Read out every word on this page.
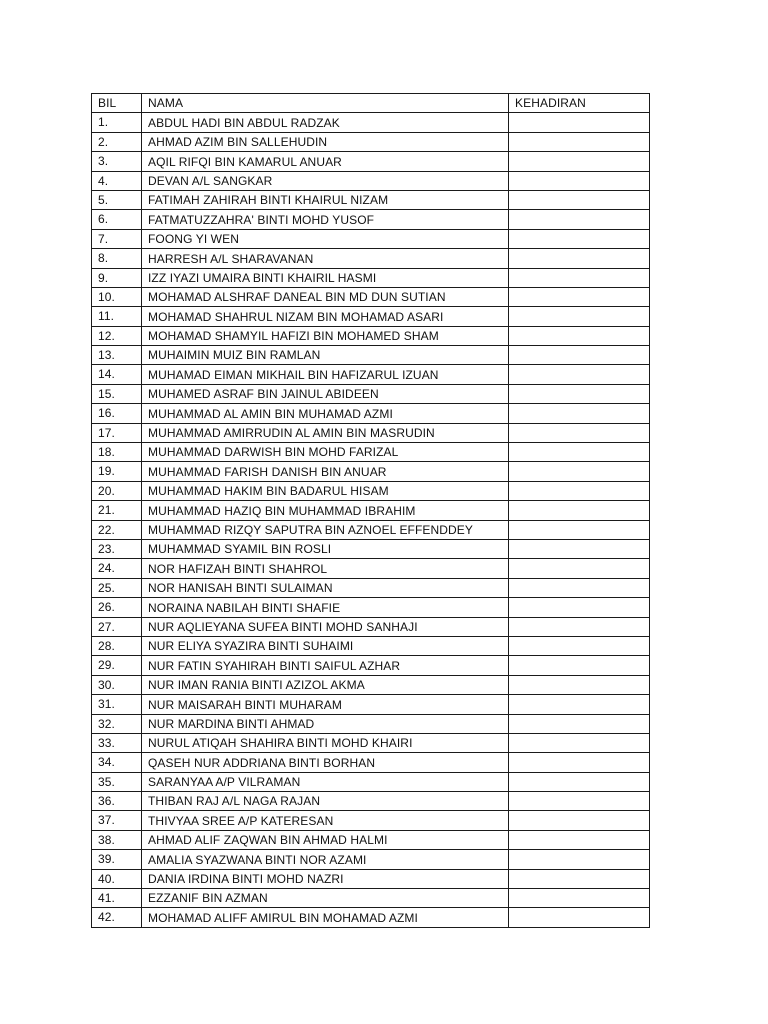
BIL	NAMA	KEHADIRAN
1.	ABDUL HADI BIN ABDUL RADZAK	
2.	AHMAD AZIM BIN SALLEHUDIN	
3.	AQIL RIFQI BIN KAMARUL ANUAR	
4.	DEVAN A/L SANGKAR	
5.	FATIMAH ZAHIRAH BINTI KHAIRUL NIZAM	
6.	FATMATUZZAHRA' BINTI MOHD YUSOF	
7.	FOONG YI WEN	
8.	HARRESH A/L SHARAVANAN	
9.	IZZ IYAZI UMAIRA BINTI KHAIRIL HASMI	
10.	MOHAMAD ALSHRAF DANEAL BIN MD DUN SUTIAN	
11.	MOHAMAD SHAHRUL NIZAM BIN MOHAMAD ASARI	
12.	MOHAMAD SHAMYIL HAFIZI BIN MOHAMED SHAM	
13.	MUHAIMIN MUIZ BIN RAMLAN	
14.	MUHAMAD EIMAN MIKHAIL BIN HAFIZARUL IZUAN	
15.	MUHAMED ASRAF BIN JAINUL ABIDEEN	
16.	MUHAMMAD AL AMIN BIN MUHAMAD AZMI	
17.	MUHAMMAD AMIRRUDIN AL AMIN BIN MASRUDIN	
18.	MUHAMMAD DARWISH BIN MOHD FARIZAL	
19.	MUHAMMAD FARISH DANISH BIN ANUAR	
20.	MUHAMMAD HAKIM BIN BADARUL HISAM	
21.	MUHAMMAD HAZIQ BIN MUHAMMAD IBRAHIM	
22.	MUHAMMAD RIZQY SAPUTRA BIN AZNOEL EFFENDDEY	
23.	MUHAMMAD SYAMIL BIN ROSLI	
24.	NOR HAFIZAH BINTI SHAHROL	
25.	NOR HANISAH BINTI SULAIMAN	
26.	NORAINA NABILAH BINTI SHAFIE	
27.	NUR AQLIEYANA SUFEA BINTI MOHD SANHAJI	
28.	NUR ELIYA SYAZIRA BINTI SUHAIMI	
29.	NUR FATIN SYAHIRAH BINTI SAIFUL AZHAR	
30.	NUR IMAN RANIA BINTI AZIZOL AKMA	
31.	NUR MAISARAH BINTI MUHARAM	
32.	NUR MARDINA BINTI AHMAD	
33.	NURUL ATIQAH SHAHIRA BINTI MOHD KHAIRI	
34.	QASEH NUR ADDRIANA BINTI BORHAN	
35.	SARANYAA A/P VILRAMAN	
36.	THIBAN RAJ A/L NAGA RAJAN	
37.	THIVYAA SREE A/P KATERESAN	
38.	AHMAD ALIF ZAQWAN BIN AHMAD HALMI	
39.	AMALIA SYAZWANA BINTI NOR AZAMI	
40.	DANIA IRDINA BINTI MOHD NAZRI	
41.	EZZANIF BIN AZMAN	
42.	MOHAMAD ALIFF AMIRUL BIN MOHAMAD AZMI	
